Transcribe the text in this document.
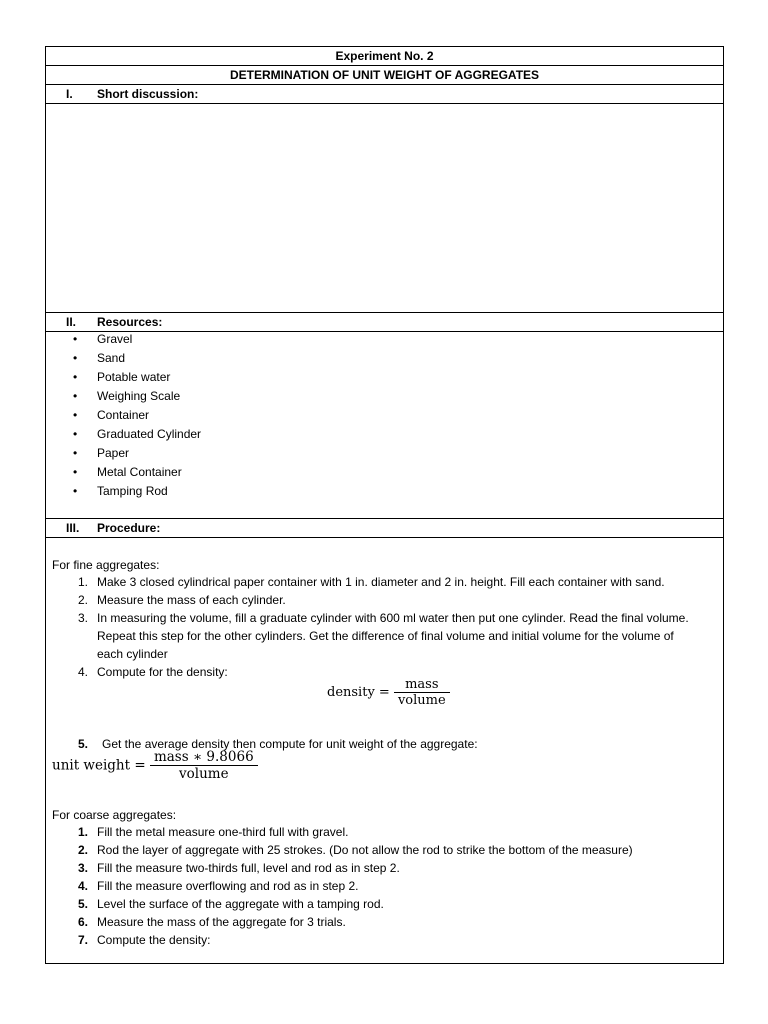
Experiment No. 2
DETERMINATION OF UNIT WEIGHT OF AGGREGATES
I. Short discussion:
II. Resources:
• Gravel
• Sand
• Potable water
• Weighing Scale
• Container
• Graduated Cylinder
• Paper
• Metal Container
• Tamping Rod
III. Procedure:
For fine aggregates:
1. Make 3 closed cylindrical paper container with 1 in. diameter and 2 in. height. Fill each container with sand.
2. Measure the mass of each cylinder.
3. In measuring the volume, fill a graduate cylinder with 600 ml water then put one cylinder. Read the final volume.
Repeat this step for the other cylinders. Get the difference of final volume and initial volume for the volume of
each cylinder
4. Compute for the density:
density = $\frac{\text{mass}}{\text{volume}}$
5. Get the average density then compute for unit weight of the aggregate:
unit weight = $\frac{\text{mass ∗ 9.8066}}{\text{volume}}$
For coarse aggregates:
1. Fill the metal measure one-third full with gravel.
2. Rod the layer of aggregate with 25 strokes. (Do not allow the rod to strike the bottom of the measure)
3. Fill the measure two-thirds full, level and rod as in step 2.
4. Fill the measure overflowing and rod as in step 2.
5. Level the surface of the aggregate with a tamping rod.
6. Measure the mass of the aggregate for 3 trials.
7. Compute the density:
